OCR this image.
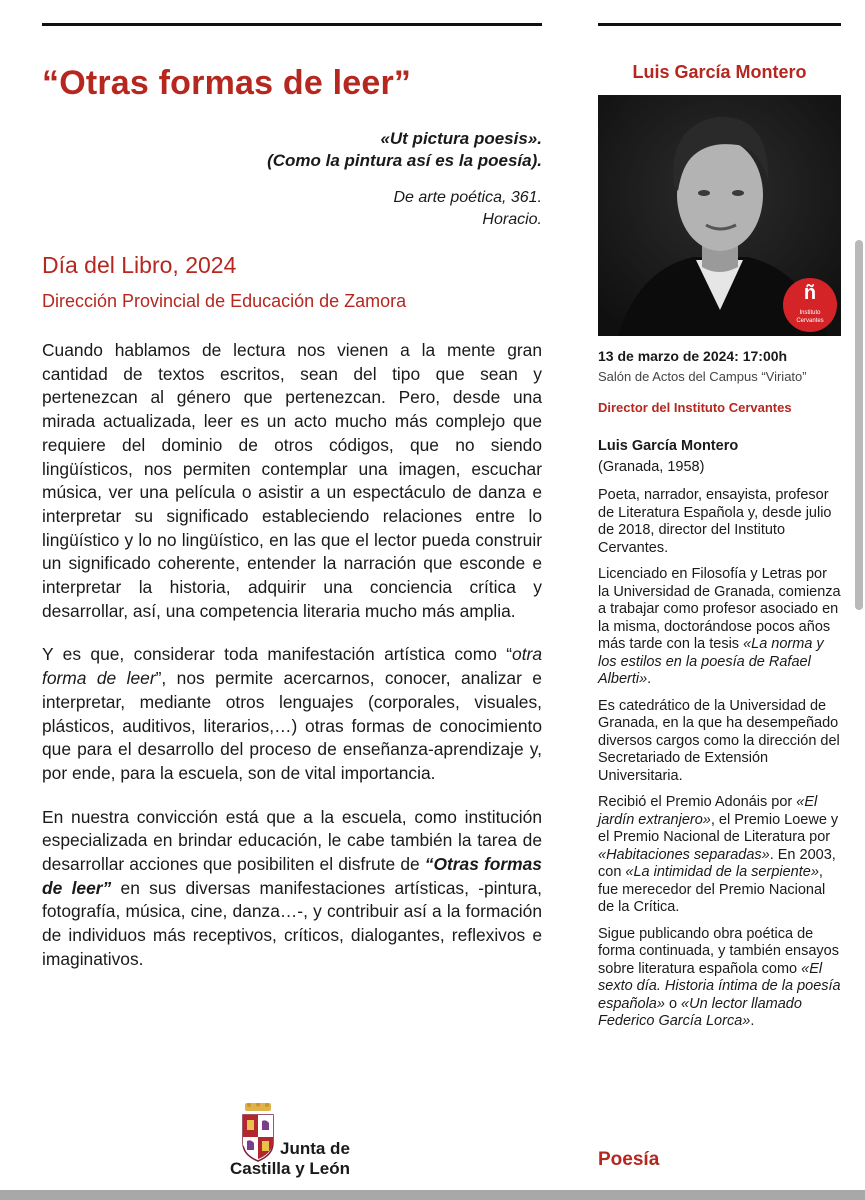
“Otras formas de leer”
«Ut pictura poesis».
(Como la pintura así es la poesía).
De arte poética, 361.
Horacio.
Día del Libro, 2024
Dirección Provincial de Educación de Zamora

Cuando hablamos de lectura nos vienen a la mente gran cantidad de textos escritos, sean del tipo que sean y pertenezcan al género que pertenezcan. Pero, desde una mirada actualizada, leer es un acto mucho más complejo que requiere del dominio de otros códigos, que no siendo lingüísticos, nos permiten contemplar una imagen, escuchar música, ver una película o asistir a un espectáculo de danza e interpretar su significado estableciendo relaciones entre lo lingüístico y lo no lingüístico, en las que el lector pueda construir un significado coherente, entender la narración que esconde e interpretar la historia, adquirir una conciencia crítica y desarrollar, así, una competencia literaria mucho más amplia.

Y es que, considerar toda manifestación artística como “otra forma de leer”, nos permite acercarnos, conocer, analizar e interpretar, mediante otros lenguajes (corporales, visuales, plásticos, auditivos, literarios,…) otras formas de conocimiento que para el desarrollo del proceso de enseñanza-aprendizaje y, por ende, para la escuela, son de vital importancia.

En nuestra convicción está que a la escuela, como institución especializada en brindar educación, le cabe también la tarea de desarrollar acciones que posibiliten el disfrute de “Otras formas de leer” en sus diversas manifestaciones artísticas, -pintura, fotografía, música, cine, danza…-, y contribuir así a la formación de individuos más receptivos, críticos, dialogantes, reflexivos e imaginativos.

Junta de
Castilla y León
Luis García Montero
ñ
Instituto
Cervantes
13 de marzo de 2024: 17:00h
Salón de Actos del Campus “Viriato”
Director del Instituto Cervantes
Luis García Montero
(Granada, 1958)

Poeta, narrador, ensayista, profesor de Literatura Española y, desde julio de 2018, director del Instituto Cervantes.

Licenciado en Filosofía y Letras por la Universidad de Granada, comienza a trabajar como profesor asociado en la misma, doctorándose pocos años más tarde con la tesis «La norma y los estilos en la poesía de Rafael Alberti».

Es catedrático de la Universidad de Granada, en la que ha desempeñado diversos cargos como la dirección del Secretariado de Extensión Universitaria.

Recibió el Premio Adonáis por «El jardín extranjero», el Premio Loewe y el Premio Nacional de Literatura por «Habitaciones separadas». En 2003, con «La intimidad de la serpiente», fue merecedor del Premio Nacional de la Crítica.

Sigue publicando obra poética de forma continuada, y también ensayos sobre literatura española como «El sexto día. Historia íntima de la poesía española» o «Un lector llamado Federico García Lorca».

Poesía
